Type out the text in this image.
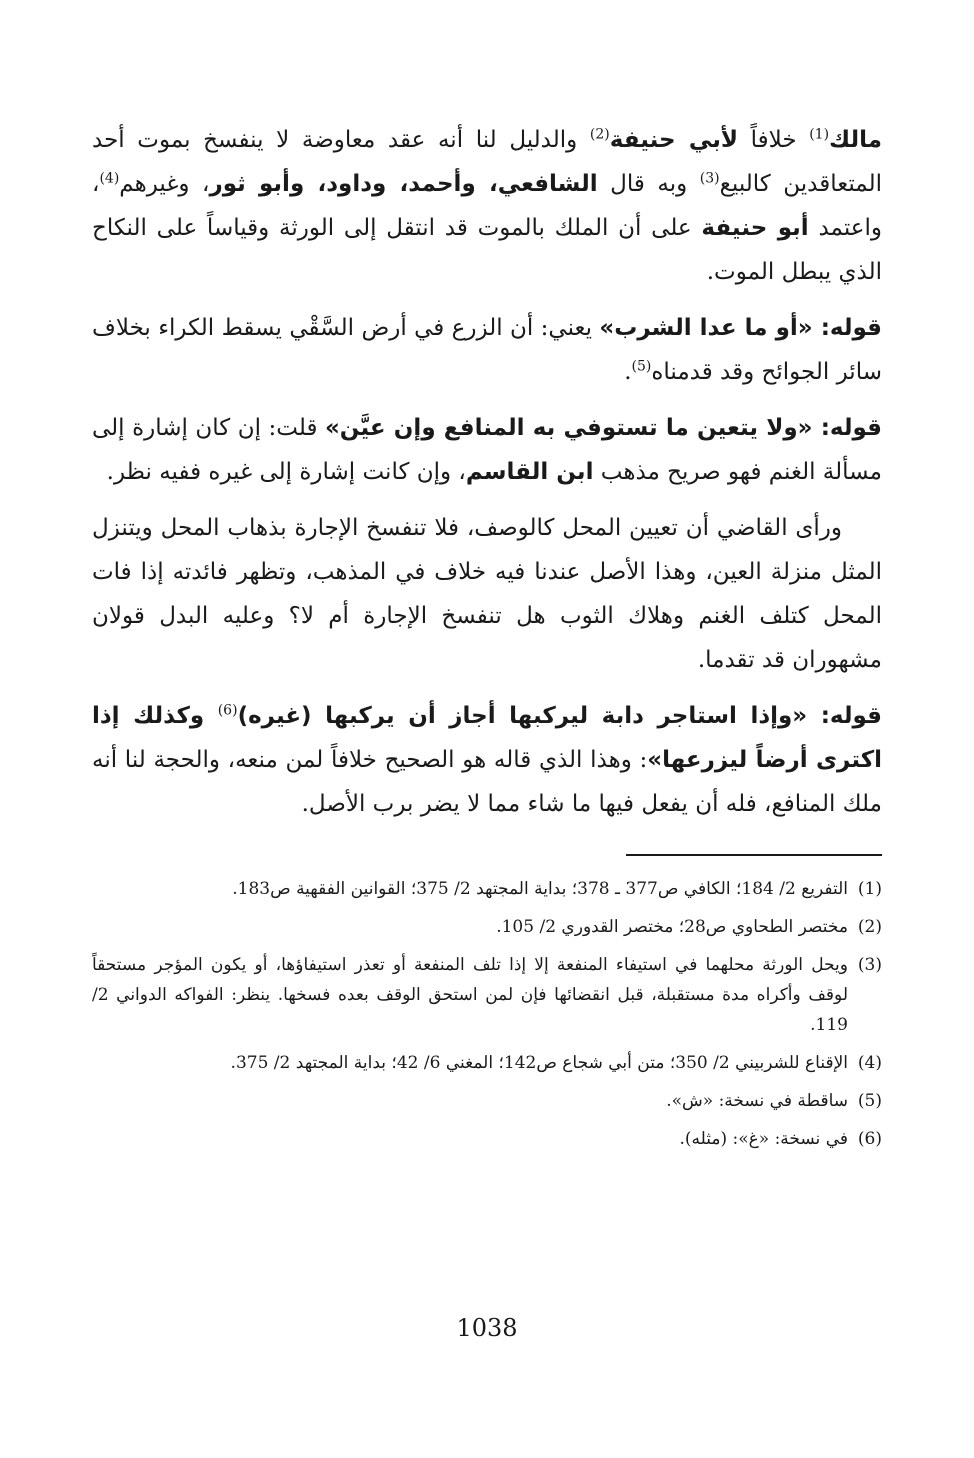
مالك$^{(1)}$ خلافاً لأبي حنيفة$^{(2)}$ والدليل لنا أنه عقد معاوضة لا ينفسخ بموت أحد المتعاقدين كالبيع$^{(3)}$ وبه قال الشافعي، وأحمد، وداود، وأبو ثور، وغيرهم$^{(4)}$، واعتمد أبو حنيفة على أن الملك بالموت قد انتقل إلى الورثة وقياساً على النكاح الذي يبطل الموت.

قوله: «أو ما عدا الشرب» يعني: أن الزرع في أرض السَّقْي يسقط الكراء بخلاف سائر الجوائح وقد قدمناه$^{(5)}$.

قوله: «ولا يتعين ما تستوفي به المنافع وإن عيَّن» قلت: إن كان إشارة إلى مسألة الغنم فهو صريح مذهب ابن القاسم، وإن كانت إشارة إلى غيره ففيه نظر.

ورأى القاضي أن تعيين المحل كالوصف، فلا تنفسخ الإجارة بذهاب المحل ويتنزل المثل منزلة العين، وهذا الأصل عندنا فيه خلاف في المذهب، وتظهر فائدته إذا فات المحل كتلف الغنم وهلاك الثوب هل تنفسخ الإجارة أم لا؟ وعليه البدل قولان مشهوران قد تقدما.

قوله: «وإذا استاجر دابة ليركبها أجاز أن يركبها (غيره)$^{(6)}$ وكذلك إذا اكترى أرضاً ليزرعها»: وهذا الذي قاله هو الصحيح خلافاً لمن منعه، والحجة لنا أنه ملك المنافع، فله أن يفعل فيها ما شاء مما لا يضر برب الأصل.

(1)
التفريع 2/ 184؛ الكافي ص377 ـ 378؛ بداية المجتهد 2/ 375؛ القوانين الفقهية ص183.
(2)
مختصر الطحاوي ص28؛ مختصر القدوري 2/ 105.
(3)
ويحل الورثة محلهما في استيفاء المنفعة إلا إذا تلف المنفعة أو تعذر استيفاؤها، أو يكون المؤجر مستحقاً لوقف وأكراه مدة مستقبلة، قبل انقضائها فإن لمن استحق الوقف بعده فسخها. ينظر: الفواكه الدواني 2/ 119.
(4)
الإقناع للشربيني 2/ 350؛ متن أبي شجاع ص142؛ المغني 6/ 42؛ بداية المجتهد 2/ 375.
(5)
ساقطة في نسخة: «ش».
(6)
في نسخة: «غ»: (مثله).
1038
